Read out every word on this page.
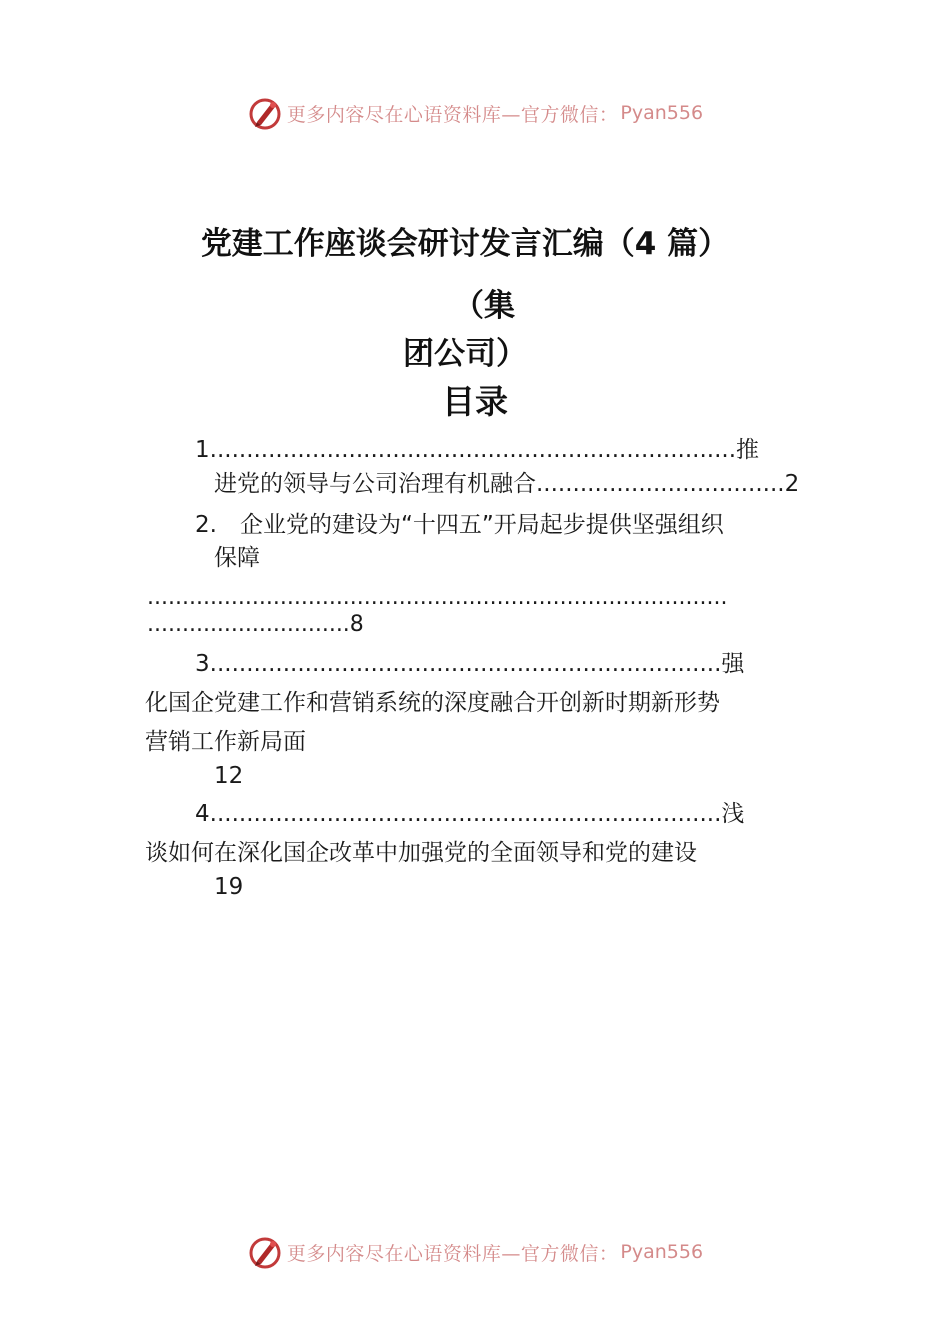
更多内容尽在心语资料库—官方微信： Pyan556
党建工作座谈会研讨发言汇编（4 篇）
（集
团公司）
目录
1........................................................................推
进党的领导与公司治理有机融合..................................2
2.　企业党的建设为“十四五”开局起步提供坚强组织
保障
...................................................................................
.............................8
3......................................................................强
化国企党建工作和营销系统的深度融合开创新时期新形势
营销工作新局面
12
4......................................................................浅
谈如何在深化国企改革中加强党的全面领导和党的建设
19
更多内容尽在心语资料库—官方微信： Pyan556
